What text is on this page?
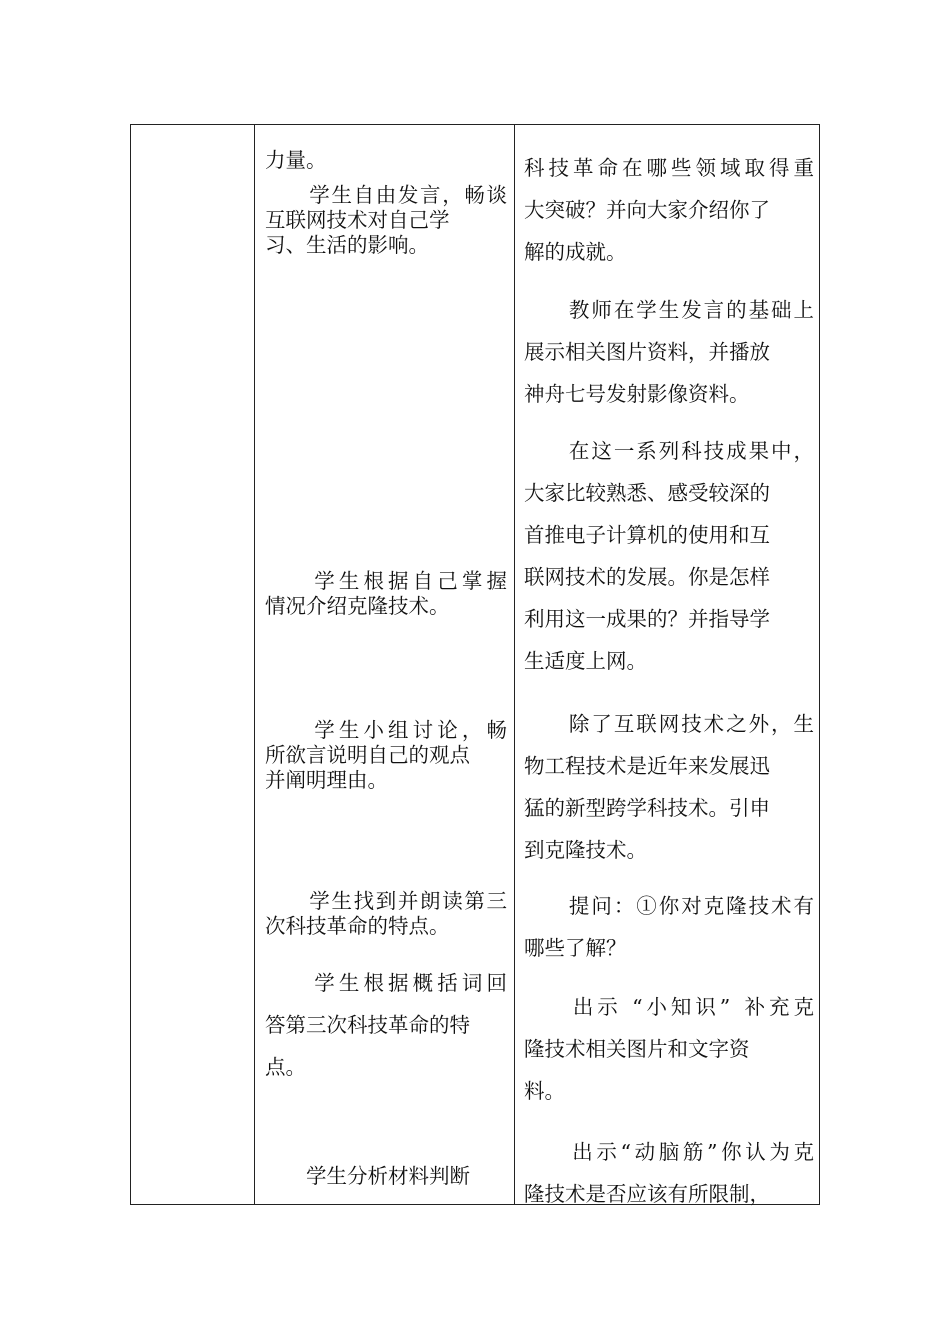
力量。
　　学生自由发言，畅谈
互联网技术对自己学
习、生活的影响。
　　学生根据自己掌握
情况介绍克隆技术。
　　学生小组讨论，畅
所欲言说明自己的观点
并阐明理由。
　　学生找到并朗读第三
次科技革命的特点。
　　学生根据概括词回
答第三次科技革命的特
点。
　　学生分析材料判断
科技革命在哪些领域取得重
大突破？并向大家介绍你了
解的成就。
　　教师在学生发言的基础上
展示相关图片资料，并播放
神舟七号发射影像资料。
　　在这一系列科技成果中，
大家比较熟悉、感受较深的
首推电子计算机的使用和互
联网技术的发展。你是怎样
利用这一成果的？并指导学
生适度上网。
　　除了互联网技术之外，生
物工程技术是近年来发展迅
猛的新型跨学科技术。引申
到克隆技术。
　　提问：①你对克隆技术有
哪些了解？
　　出示 “小知识” 补充克
隆技术相关图片和文字资
料。
　　出示“动脑筋”你认为克
隆技术是否应该有所限制，
